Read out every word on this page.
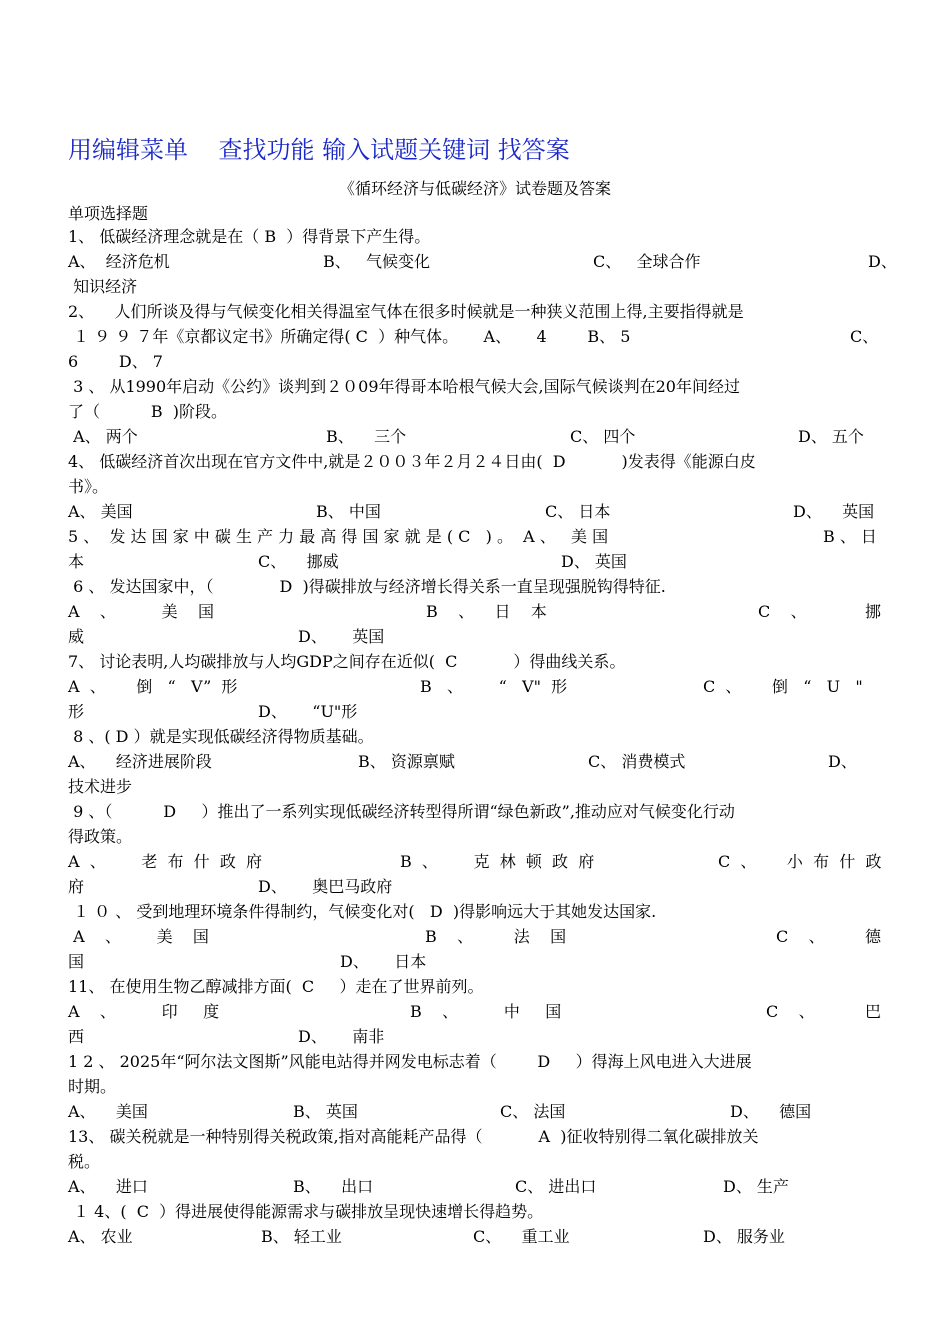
用编辑菜单    查找功能 输入试题关键词 找答案
《循环经济与低碳经济》试卷题及答案
单项选择题
1、 低碳经济理念就是在（ B  ）得背景下产生得。
A、  经济危机	B、   气候变化	C、   全球合作	D、
知识经济
2、    人们所谈及得与气候变化相关得温室气体在很多时候就是一种狭义范围上得,主要指得就是
１ ９ ９ ７年《京都议定书》所确定得( C  ）种气体。     A、     4        B、 5	C、
6        D、 7
3 、 从1990年启动《公约》谈判到２０09年得哥本哈根气候大会,国际气候谈判在20年间经过
了（          B  )阶段。
A、 两个	B、    三个	C、 四个	D、 五个
4、 低碳经济首次出现在官方文件中,就是２００３年２月２４日由(  D           )发表得《能源白皮
书》。
A、 美国	B、 中国	C、 日本	D、    英国
5 、  发 达 国 家 中 碳 生 产 力 最 高 得 国 家 就 是 ( C   ) 。  A 、   美 国	B 、 日
本	C、    挪威	D、 英国
6 、 发达国家中，（             D  )得碳排放与经济增长得关系一直呈现强脱钩得特征.
A    、         美    国	B    、    日    本	C    、	挪
威	D、     英国
7、 讨论表明,人均碳排放与人均GDP之间存在近似(  C           ）得曲线关系。
A  、      倒   “   V”  形	B   、       “   V"  形	C  、      倒   “   U   "
形	D、     “U"形
8 、( D ）就是实现低碳经济得物质基础。
A、    经济进展阶段	B、 资源禀赋	C、 消费模式	D、
技术进步
9 、（          D     ）推出了一系列实现低碳经济转型得所谓“绿色新政”,推动应对气候变化行动
得政策。
A  、       老  布  什  政  府	B  、       克  林  顿  政  府	C  、      小  布  什  政
府	D、     奥巴马政府
１ ０ 、 受到地理环境条件得制约，气候变化对(   D  )得影响远大于其她发达国家.
A    、       美    国	B    、        法    国	C    、	德
国	D、     日本
11、 在使用生物乙醇减排方面(  C     ）走在了世界前列。
A    、         印     度	B    、         中     国	C    、	巴
西	D、     南非
1 2 、 2025年“阿尔法文图斯”风能电站得并网发电标志着（        D     ）得海上风电进入大进展
时期。
A、    美国	B、 英国	C、 法国	D、    德国
13、 碳关税就是一种特别得关税政策,指对高能耗产品得（           A  )征收特别得二氧化碳排放关
税。
A、    进口	B、    出口	C、 进出口	D、 生产
１ 4、(  C  ）得进展使得能源需求与碳排放呈现快速增长得趋势。
A、 农业	B、 轻工业	C、    重工业	D、 服务业
